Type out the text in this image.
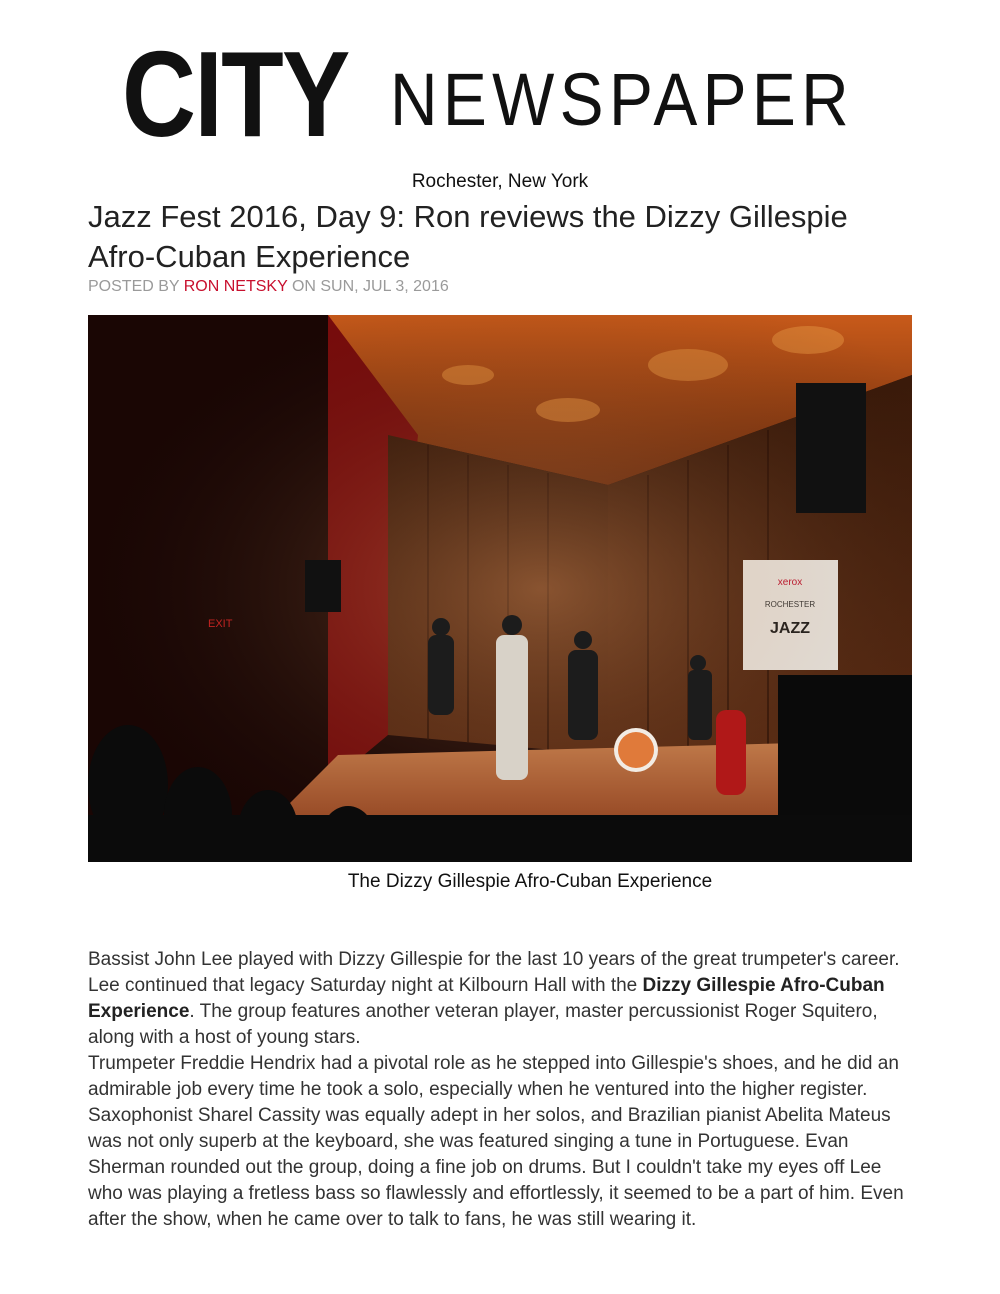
CITY NEWSPAPER
Rochester, New York
Jazz Fest 2016, Day 9: Ron reviews the Dizzy Gillespie Afro-Cuban Experience
POSTED BY RON NETSKY ON SUN, JUL 3, 2016
The Dizzy Gillespie Afro-Cuban Experience

Bassist John Lee played with Dizzy Gillespie for the last 10 years of the great trumpeter's career. Lee continued that legacy Saturday night at Kilbourn Hall with the Dizzy Gillespie Afro-Cuban Experience. The group features another veteran player, master percussionist Roger Squitero, along with a host of young stars.

Trumpeter Freddie Hendrix had a pivotal role as he stepped into Gillespie's shoes, and he did an admirable job every time he took a solo, especially when he ventured into the higher register. Saxophonist Sharel Cassity was equally adept in her solos, and Brazilian pianist Abelita Mateus was not only superb at the keyboard, she was featured singing a tune in Portuguese. Evan Sherman rounded out the group, doing a fine job on drums. But I couldn't take my eyes off Lee who was playing a fretless bass so flawlessly and effortlessly, it seemed to be a part of him. Even after the show, when he came over to talk to fans, he was still wearing it.
